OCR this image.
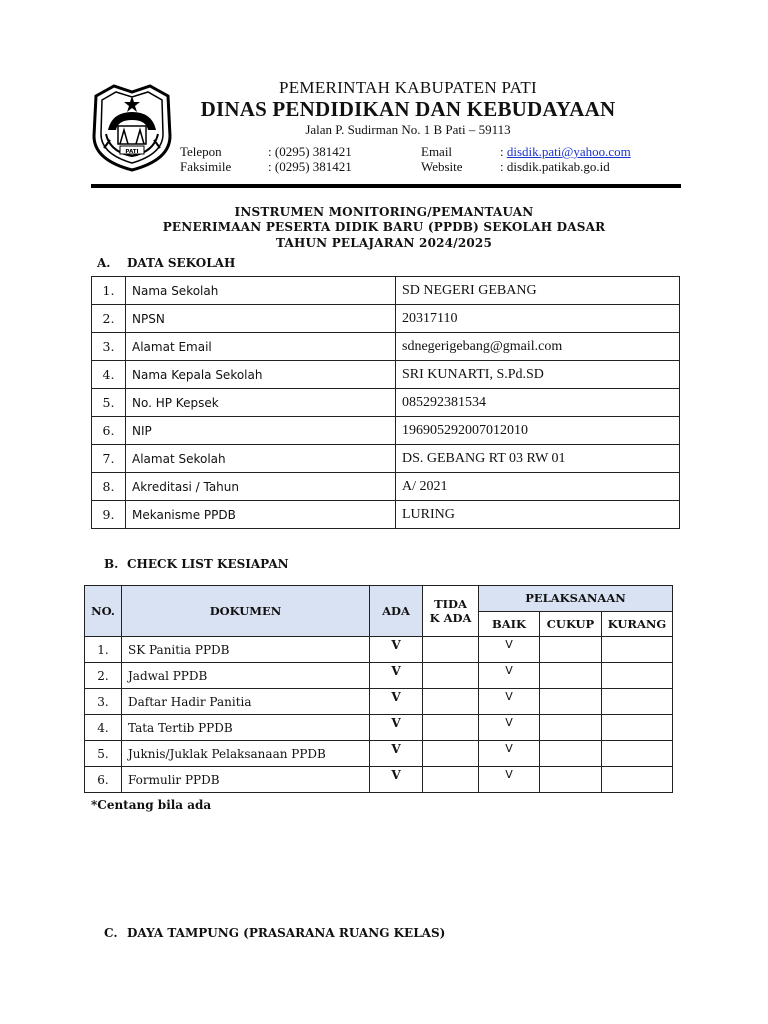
PATI
PEMERINTAH KABUPATEN PATI
DINAS PENDIDIKAN DAN KEBUDAYAAN
Jalan P. Sudirman No. 1 B Pati – 59113
Telepon	: (0295) 381421
Faksimile	: (0295) 381421
Email	: disdik.pati@yahoo.com
Website	: disdik.patikab.go.id
INSTRUMEN MONITORING/PEMANTAUAN
PENERIMAAN PESERTA DIDIK BARU (PPDB) SEKOLAH DASAR
TAHUN PELAJARAN 2024/2025
A. DATA SEKOLAH
1.	Nama Sekolah	SD NEGERI GEBANG
2.	NPSN	20317110
3.	Alamat Email	sdnegerigebang@gmail.com
4.	Nama Kepala Sekolah	SRI KUNARTI, S.Pd.SD
5.	No. HP Kepsek	085292381534
6.	NIP	196905292007012010
7.	Alamat Sekolah	DS. GEBANG RT 03 RW 01
8.	Akreditasi / Tahun	A/ 2021
9.	Mekanisme PPDB	LURING
B. CHECK LIST KESIAPAN
NO.	DOKUMEN	ADA	TIDA
K ADA	PELAKSANAAN		
				BAIK	CUKUP	KURANG
1.	SK Panitia PPDB	V		V		
2.	Jadwal PPDB	V		V		
3.	Daftar Hadir Panitia	V		V		
4.	Tata Tertib PPDB	V		V		
5.	Juknis/Juklak Pelaksanaan PPDB	V		V		
6.	Formulir PPDB	V		V		
*Centang bila ada
C. DAYA TAMPUNG (PRASARANA RUANG KELAS)
